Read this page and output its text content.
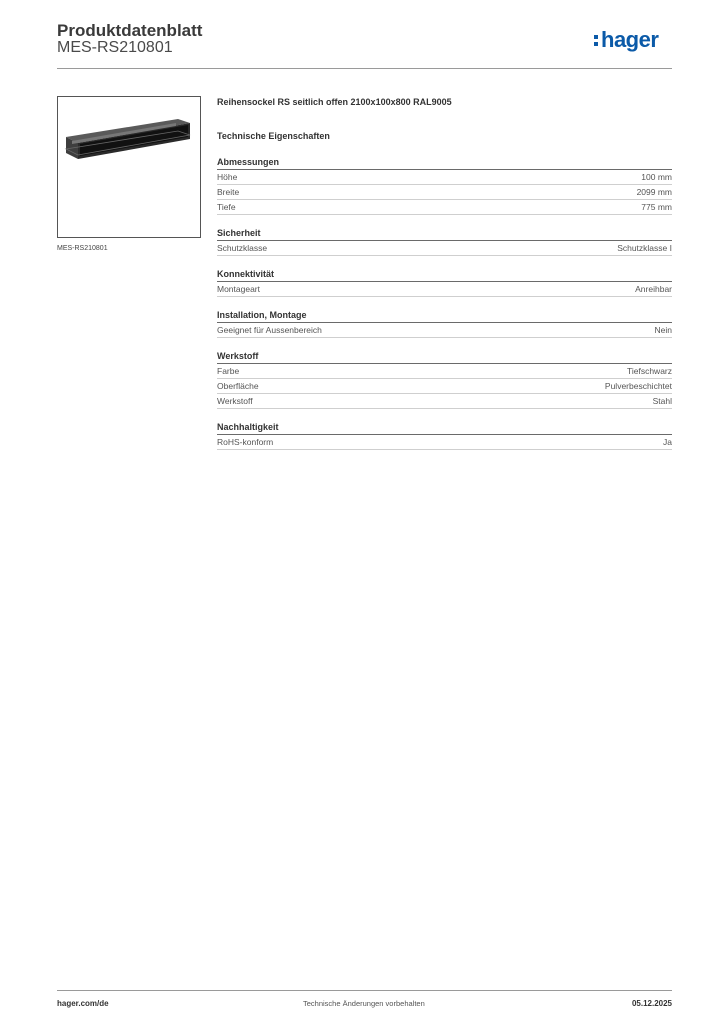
Produktdatenblatt
MES-RS210801	hager
MES-RS210801
Reihensockel RS seitlich offen 2100x100x800 RAL9005
Technische Eigenschaften
Abmessungen
Höhe	100 mm
Breite	2099 mm
Tiefe	775 mm
Sicherheit
Schutzklasse	Schutzklasse I
Konnektivität
Montageart	Anreihbar
Installation, Montage
Geeignet für Aussenbereich	Nein
Werkstoff
Farbe	Tiefschwarz
Oberfläche	Pulverbeschichtet
Werkstoff	Stahl
Nachhaltigkeit
RoHS-konform	Ja
hager.com/de	Technische Änderungen vorbehalten	05.12.2025
